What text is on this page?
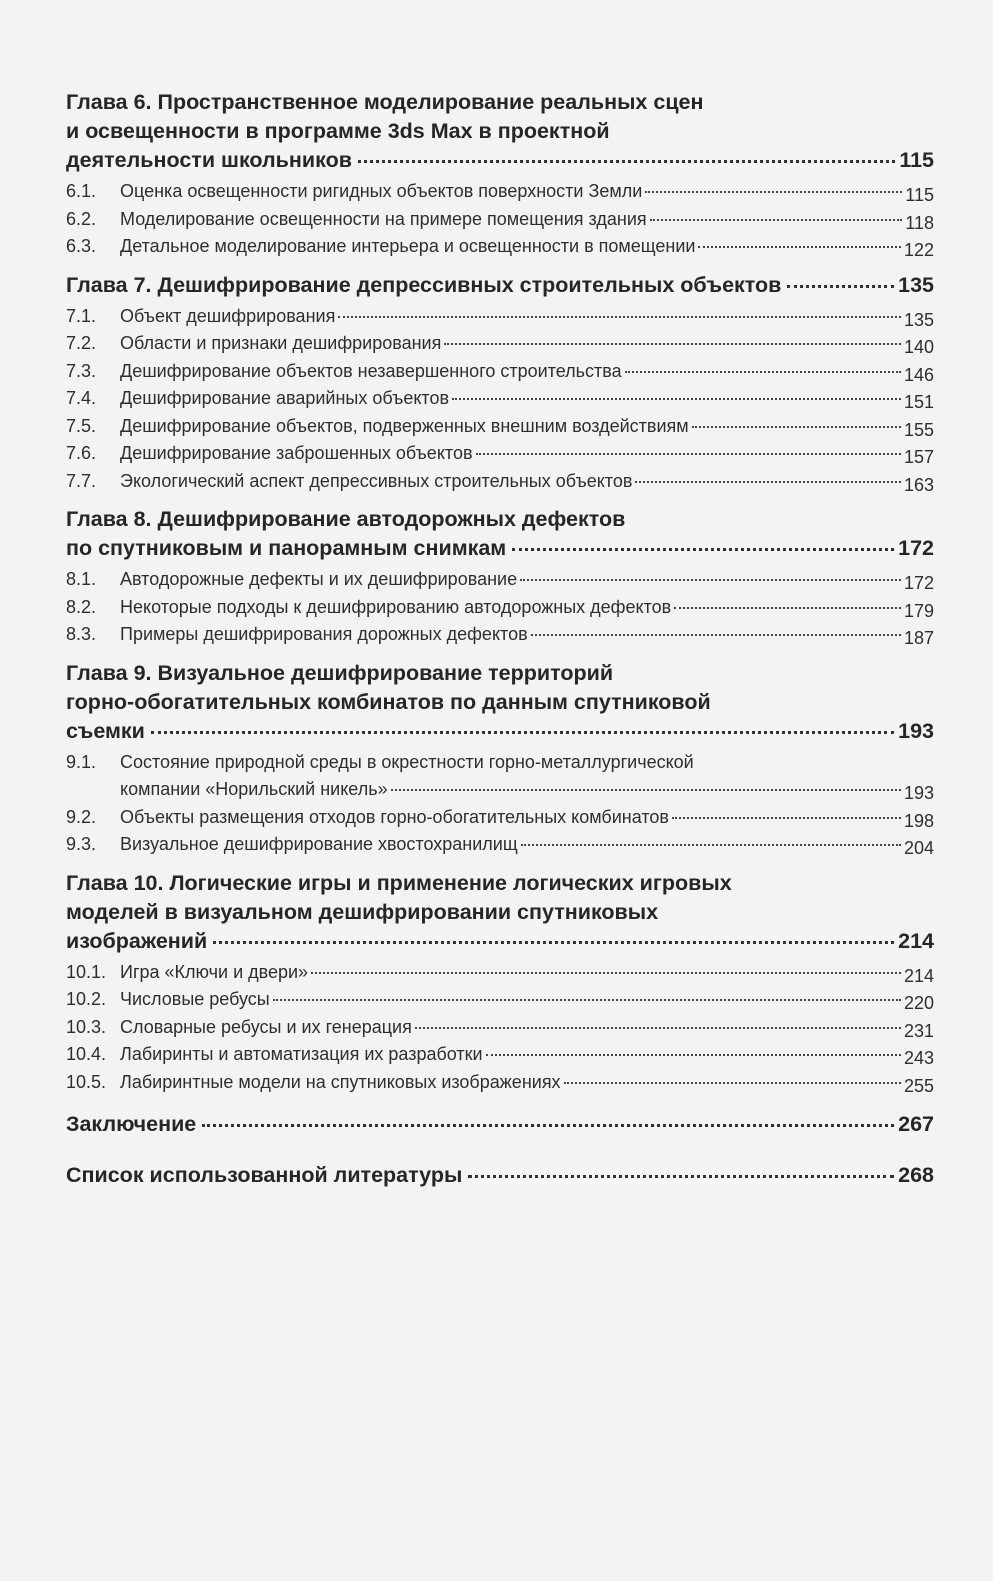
Глава 6. Пространственное моделирование реальных сцен
и освещенности в программе 3ds Max в проектной
деятельности школьников	115
6.1.	Оценка освещенности ригидных объектов поверхности Земли	115
6.2.	Моделирование освещенности на примере помещения здания	118
6.3.	Детальное моделирование интерьера и освещенности в помещении	122
Глава 7. Дешифрирование депрессивных строительных объектов	135
7.1.	Объект дешифрирования	135
7.2.	Области и признаки дешифрирования	140
7.3.	Дешифрирование объектов незавершенного строительства	146
7.4.	Дешифрирование аварийных объектов	151
7.5.	Дешифрирование объектов, подверженных внешним воздействиям	155
7.6.	Дешифрирование заброшенных объектов	157
7.7.	Экологический аспект депрессивных строительных объектов	163
Глава 8. Дешифрирование автодорожных дефектов
по спутниковым и панорамным снимкам	172
8.1.	Автодорожные дефекты и их дешифрирование	172
8.2.	Некоторые подходы к дешифрированию автодорожных дефектов	179
8.3.	Примеры дешифрирования дорожных дефектов	187
Глава 9. Визуальное дешифрирование территорий
горно-обогатительных комбинатов по данным спутниковой
съемки	193
9.1.	Состояние природной среды в окрестности горно-металлургической
компании «Норильский никель»	193
9.2.	Объекты размещения отходов горно-обогатительных комбинатов	198
9.3.	Визуальное дешифрирование хвостохранилищ	204
Глава 10. Логические игры и применение логических игровых
моделей в визуальном дешифрировании спутниковых
изображений	214
10.1. Игра «Ключи и двери»	214
10.2. Числовые ребусы	220
10.3. Словарные ребусы и их генерация	231
10.4. Лабиринты и автоматизация их разработки	243
10.5. Лабиринтные модели на спутниковых изображениях	255
Заключение	267
Список использованной литературы	268
